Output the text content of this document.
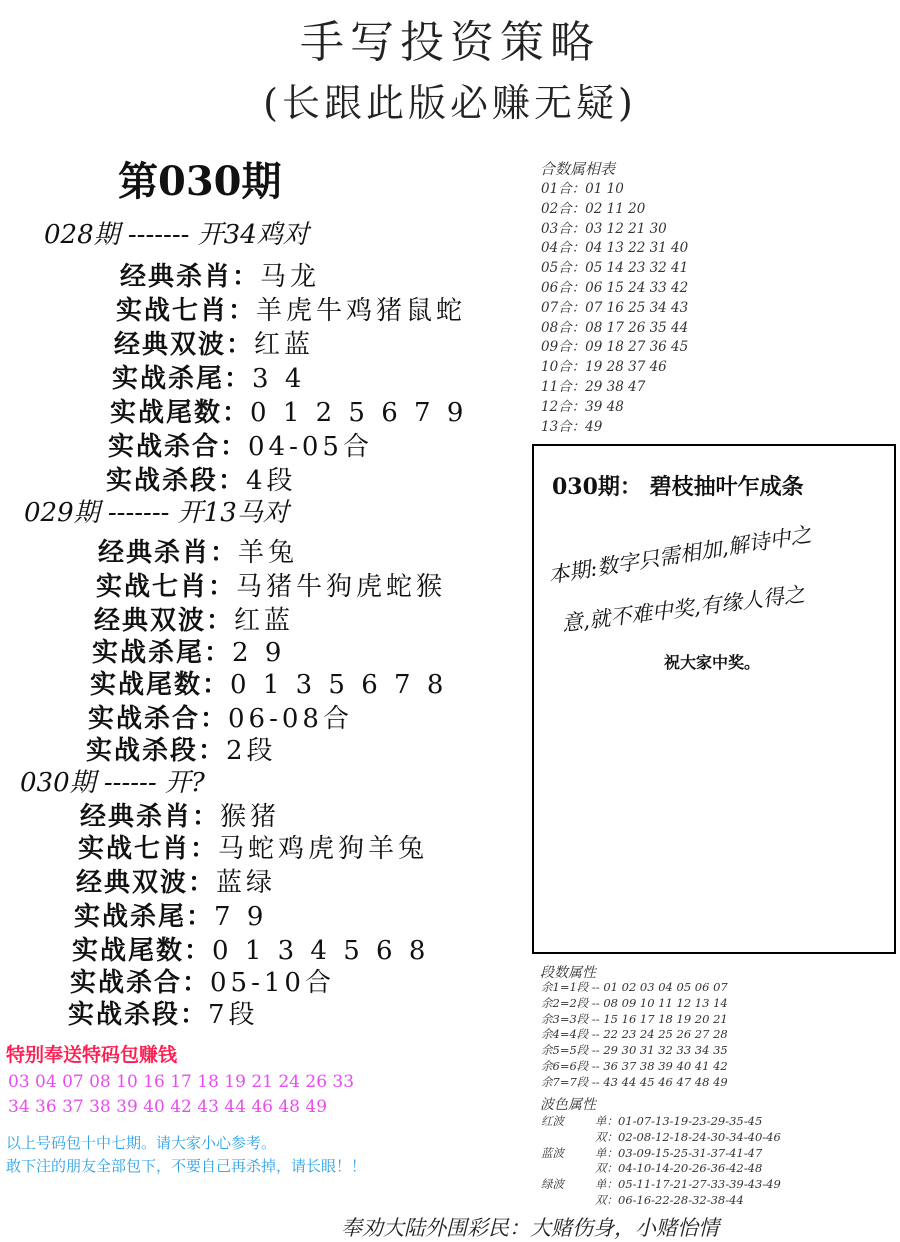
手写投资策略
(长跟此版必赚无疑)
第030期
028期 ------- 开34鸡对
经典杀肖：马龙
实战七肖：羊虎牛鸡猪鼠蛇
经典双波：红蓝
实战杀尾：3 4
实战尾数：0 1 2 5 6 7 9
实战杀合：04-05合
实战杀段：4段
029期 ------- 开13马对
经典杀肖：羊兔
实战七肖：马猪牛狗虎蛇猴
经典双波：红蓝
实战杀尾：2 9
实战尾数：0 1 3 5 6 7 8
实战杀合：06-08合
实战杀段：2段
030期 ------ 开?
经典杀肖：猴猪
实战七肖：马蛇鸡虎狗羊兔
经典双波：蓝绿
实战杀尾：7 9
实战尾数：0 1 3 4 5 6 8
实战杀合：05-10合
实战杀段：7段
合数属相表
01合：01 10
02合：02 11 20
03合：03 12 21 30
04合：04 13 22 31 40
05合：05 14 23 32 41
06合：06 15 24 33 42
07合：07 16 25 34 43
08合：08 17 26 35 44
09合：09 18 27 36 45
10合：19 28 37 46
11合：29 38 47
12合：39 48
13合：49
030期： 碧枝抽叶乍成条
本期:数字只需相加,解诗中之
意,就不难中奖,有缘人得之
祝大家中奖。
段数属性
余1=1段 -- 01 02 03 04 05 06 07
余2=2段 -- 08 09 10 11 12 13 14
余3=3段 -- 15 16 17 18 19 20 21
余4=4段 -- 22 23 24 25 26 27 28
余5=5段 -- 29 30 31 32 33 34 35
余6=6段 -- 36 37 38 39 40 41 42
余7=7段 -- 43 44 45 46 47 48 49
波色属性
红波	单：01-07-13-19-23-29-35-45
双：02-08-12-18-24-30-34-40-46
蓝波	单：03-09-15-25-31-37-41-47
双：04-10-14-20-26-36-42-48
绿波	单：05-11-17-21-27-33-39-43-49
双：06-16-22-28-32-38-44
特别奉送特码包赚钱
03 04 07 08 10 16 17 18 19 21 24 26 33
34 36 37 38 39 40 42 43 44 46 48 49
以上号码包十中七期。请大家小心参考。
敢下注的朋友全部包下，不要自己再杀掉，请长眼！！
奉劝大陆外围彩民：大赌伤身，小赌怡情
